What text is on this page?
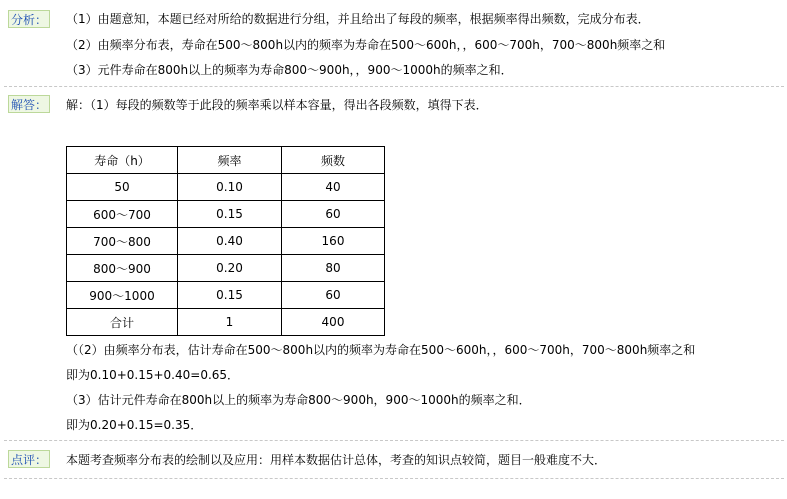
分析： （1）由题意知，本题已经对所给的数据进行分组，并且给出了每段的频率，根据频率得出频数，完成分布表．
（2）由频率分布表，寿命在500～800h以内的频率为寿命在500～600h，，600～700h，700～800h频率之和
（3）元件寿命在800h以上的频率为寿命800～900h，，900～1000h的频率之和．
解答： 解：（1）每段的频数等于此段的频率乘以样本容量，得出各段频数，填得下表．
寿命（h）	频率	频数
50	0.10	40
600～700	0.15	60
700～800	0.40	160
800～900	0.20	80
900～1000	0.15	60
合计	1	400
（（2）由频率分布表，估计寿命在500～800h以内的频率为寿命在500～600h，，600～700h，700～800h频率之和
即为0.10+0.15+0.40=0.65．
（3）估计元件寿命在800h以上的频率为寿命800～900h，900～1000h的频率之和．
即为0.20+0.15=0.35．
点评： 本题考查频率分布表的绘制以及应用：用样本数据估计总体，考查的知识点较简，题目一般难度不大．
